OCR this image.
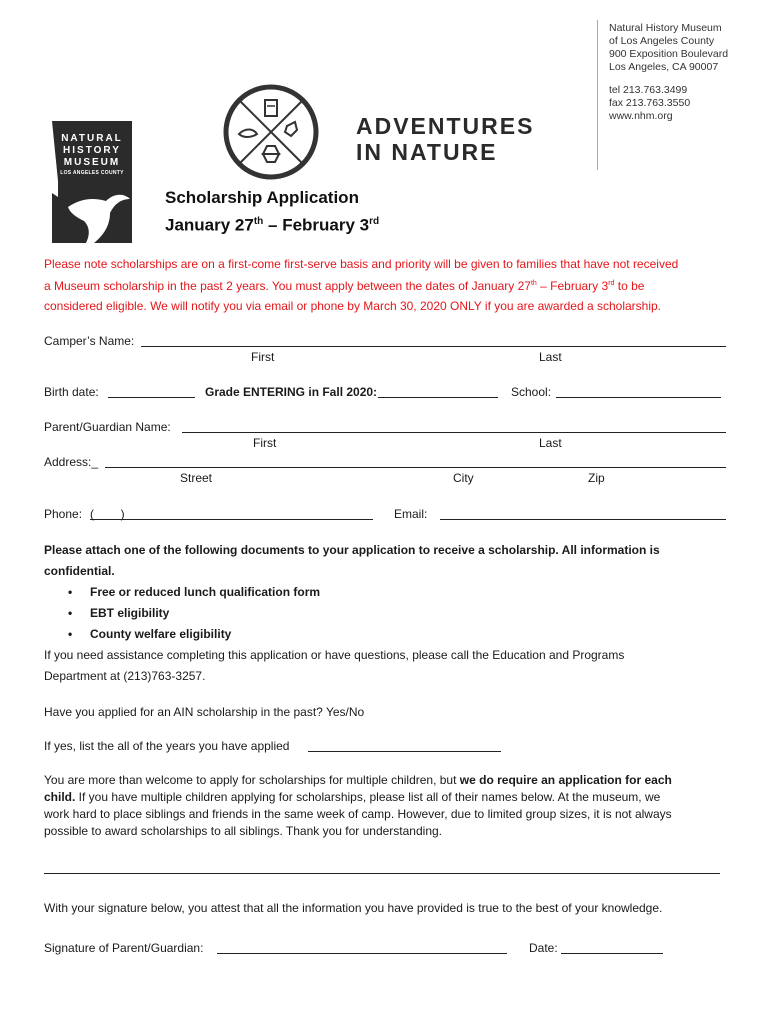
NATURAL
HISTORY
MUSEUM
LOS ANGELES COUNTY
ADVENTURES
IN NATURE
Natural History Museum
of Los Angeles County
900 Exposition Boulevard
Los Angeles, CA 90007
tel 213.763.3499
fax 213.763.3550
www.nhm.org
Scholarship Application
January 27th – February 3rd
Please note scholarships are on a first-come first-serve basis and priority will be given to families that have not received
a Museum scholarship in the past 2 years. You must apply between the dates of January 27th – February 3rd to be
considered eligible. We will notify you via email or phone by March 30, 2020 ONLY if you are awarded a scholarship.
Camper’s Name:
First	Last
Birth date:	Grade ENTERING in Fall 2020:	School:
Parent/Guardian Name:
First	Last
Address:_
Street	City	Zip
Phone: (        )	Email:
Please attach one of the following documents to your application to receive a scholarship. All information is
confidential.
• Free or reduced lunch qualification form
• EBT eligibility
• County welfare eligibility
If you need assistance completing this application or have questions, please call the Education and Programs
Department at (213)763-3257.
Have you applied for an AIN scholarship in the past? Yes/No
If yes, list the all of the years you have applied
You are more than welcome to apply for scholarships for multiple children, but we do require an application for each
child. If you have multiple children applying for scholarships, please list all of their names below. At the museum, we
work hard to place siblings and friends in the same week of camp. However, due to limited group sizes, it is not always
possible to award scholarships to all siblings. Thank you for understanding.
With your signature below, you attest that all the information you have provided is true to the best of your knowledge.
Signature of Parent/Guardian:	Date:
